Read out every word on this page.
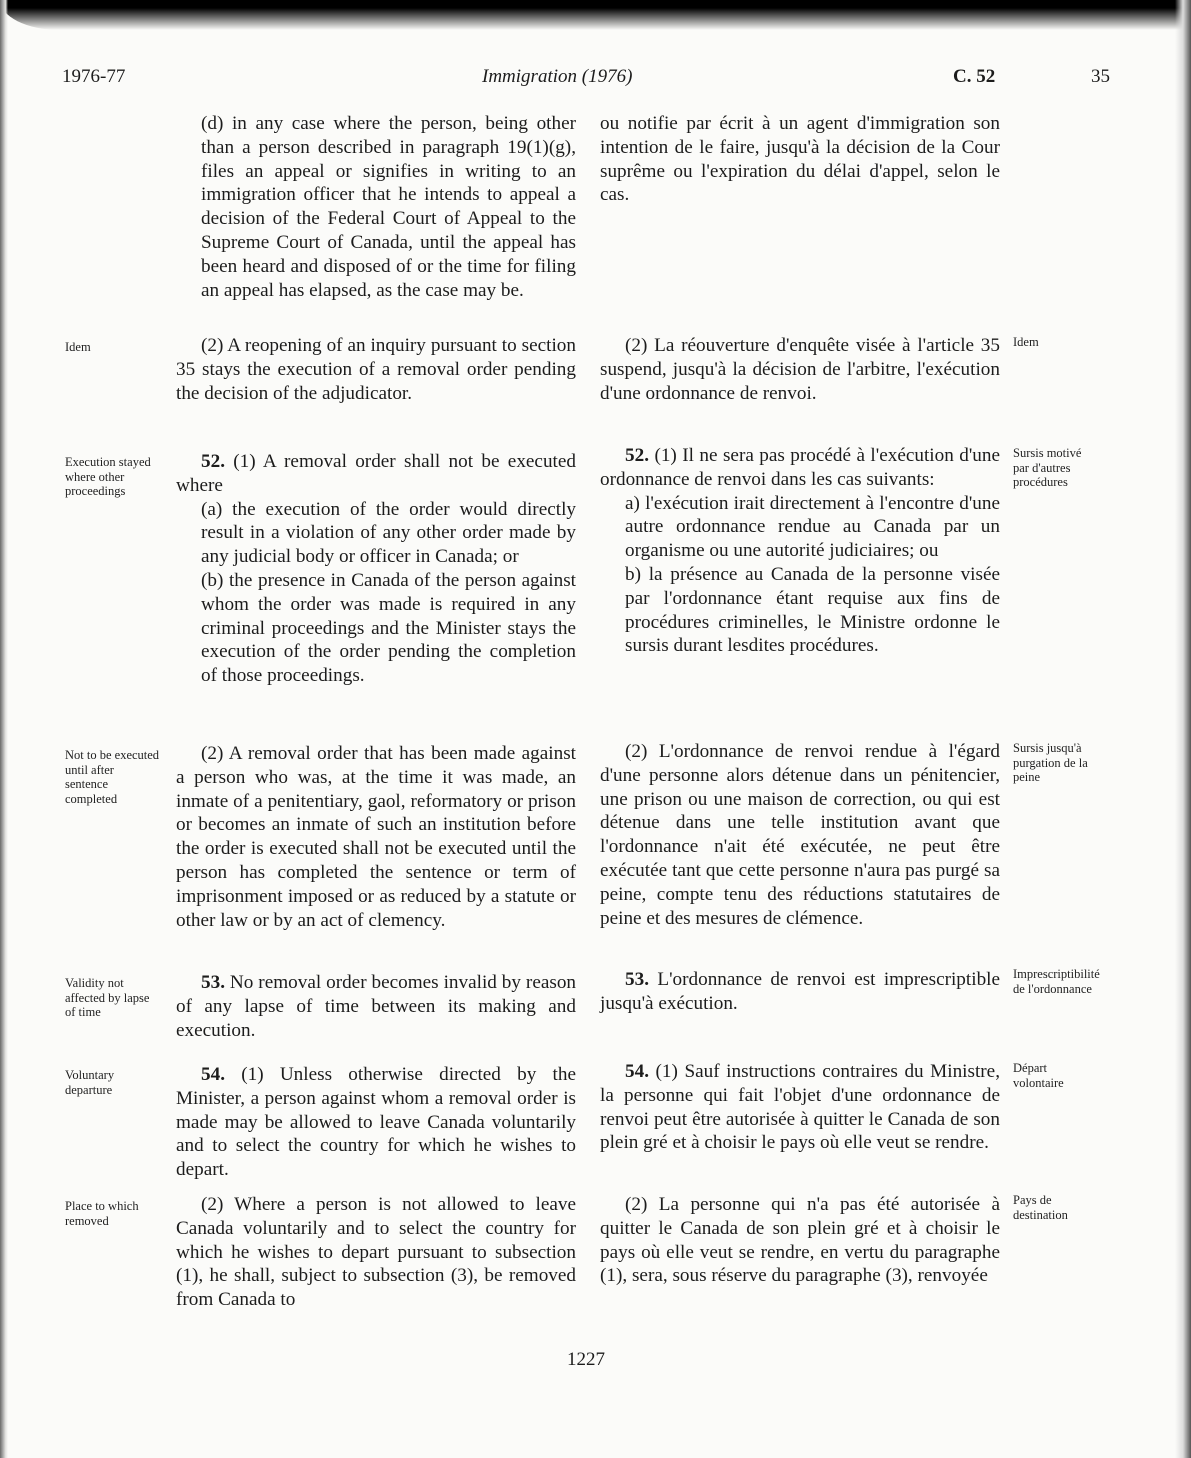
1976-77	Immigration (1976)	C. 52	35
(d) in any case where the person, being other than a person described in paragraph 19(1)(g), files an appeal or signifies in writing to an immigration officer that he intends to appeal a decision of the Federal Court of Appeal to the Supreme Court of Canada, until the appeal has been heard and disposed of or the time for filing an appeal has elapsed, as the case may be.
ou notifie par écrit à un agent d'immigration son intention de le faire, jusqu'à la décision de la Cour suprême ou l'expiration du délai d'appel, selon le cas.
Idem	(2) A reopening of an inquiry pursuant to section 35 stays the execution of a removal order pending the decision of the adjudicator.
(2) La réouverture d'enquête visée à l'article 35 suspend, jusqu'à la décision de l'arbitre, l'exécution d'une ordonnance de renvoi.
Idem
Execution stayed where other proceedings
52. (1) A removal order shall not be executed where
(a) the execution of the order would directly result in a violation of any other order made by any judicial body or officer in Canada; or
(b) the presence in Canada of the person against whom the order was made is required in any criminal proceedings and the Minister stays the execution of the order pending the completion of those proceedings.
52. (1) Il ne sera pas procédé à l'exécution d'une ordonnance de renvoi dans les cas suivants:
a) l'exécution irait directement à l'encontre d'une autre ordonnance rendue au Canada par un organisme ou une autorité judiciaires; ou
b) la présence au Canada de la personne visée par l'ordonnance étant requise aux fins de procédures criminelles, le Ministre ordonne le sursis durant lesdites procédures.
Sursis motivé par d'autres procédures
Not to be executed until after sentence completed
(2) A removal order that has been made against a person who was, at the time it was made, an inmate of a penitentiary, gaol, reformatory or prison or becomes an inmate of such an institution before the order is executed shall not be executed until the person has completed the sentence or term of imprisonment imposed or as reduced by a statute or other law or by an act of clemency.
(2) L'ordonnance de renvoi rendue à l'égard d'une personne alors détenue dans un pénitencier, une prison ou une maison de correction, ou qui est détenue dans une telle institution avant que l'ordonnance n'ait été exécutée, ne peut être exécutée tant que cette personne n'aura pas purgé sa peine, compte tenu des réductions statutaires de peine et des mesures de clémence.
Sursis jusqu'à purgation de la peine
Validity not affected by lapse of time
53. No removal order becomes invalid by reason of any lapse of time between its making and execution.
53. L'ordonnance de renvoi est imprescriptible jusqu'à exécution.
Imprescriptibilité de l'ordonnance
Voluntary departure
54. (1) Unless otherwise directed by the Minister, a person against whom a removal order is made may be allowed to leave Canada voluntarily and to select the country for which he wishes to depart.
54. (1) Sauf instructions contraires du Ministre, la personne qui fait l'objet d'une ordonnance de renvoi peut être autorisée à quitter le Canada de son plein gré et à choisir le pays où elle veut se rendre.
Départ volontaire
Place to which removed
(2) Where a person is not allowed to leave Canada voluntarily and to select the country for which he wishes to depart pursuant to subsection (1), he shall, subject to subsection (3), be removed from Canada to
(2) La personne qui n'a pas été autorisée à quitter le Canada de son plein gré et à choisir le pays où elle veut se rendre, en vertu du paragraphe (1), sera, sous réserve du paragraphe (3), renvoyée
Pays de destination
1227
